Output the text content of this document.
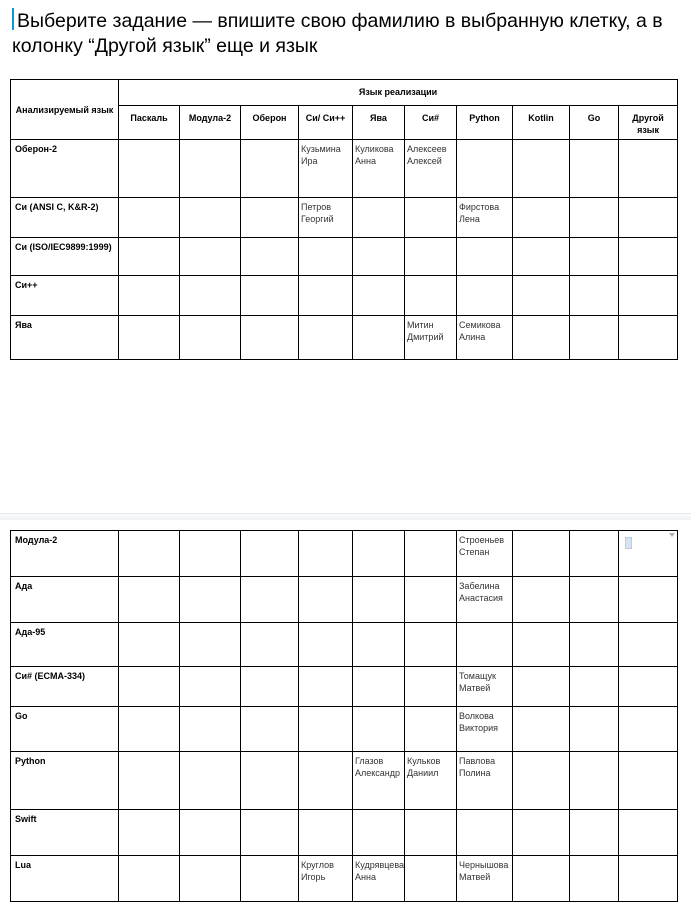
Выберите задание — впишите свою фамилию в выбранную клетку, а в колонку “Другой язык” еще и язык
Анализируемый язык	Язык реализации									
	Паскаль	Модула-2	Оберон	Си/ Си++	Ява	Си#	Python	Kotlin	Go	Другой язык
Оберон-2				Кузьмина Ира	Куликова Анна	Алексеев Алексей				
Си (ANSI C, K&R-2)				Петров Георгий			Фирстова Лена			
Си (ISO/IEC9899:1999)										
Си++										
Ява						Митин Дмитрий	Семикова Алина			
Модула-2							Строеньев Степан			
Ада							Забелина Анастасия			
Ада-95										
Си# (ECMA-334)							Томащук Матвей			
Go							Волкова Виктория			
Python					Глазов Александр	Кульков Даниил	Павлова Полина			
Swift										
Lua				Круглов Игорь	Кудрявцева Анна		Чернышова Матвей			
